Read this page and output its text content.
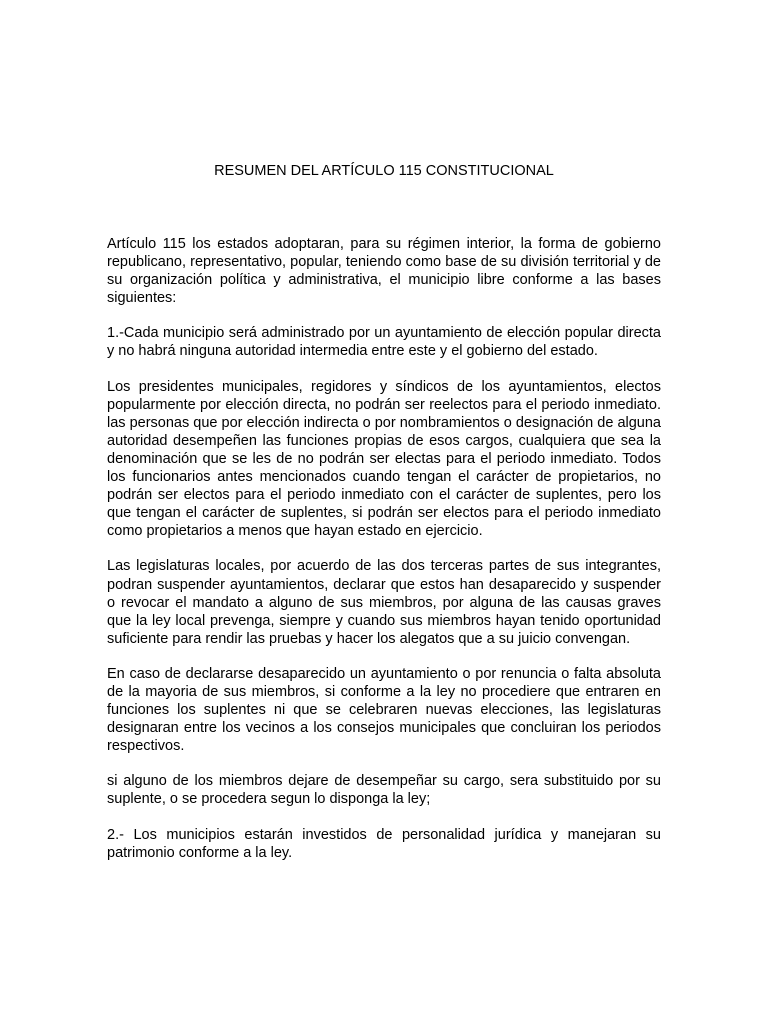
RESUMEN DEL ARTÍCULO 115 CONSTITUCIONAL

Artículo 115 los estados adoptaran, para su régimen interior, la forma de gobierno republicano, representativo, popular, teniendo como base de su división territorial y de su organización política y administrativa, el municipio libre conforme a las bases siguientes:

1.-Cada municipio será administrado por un ayuntamiento de elección popular directa y no habrá ninguna autoridad intermedia entre este y el gobierno del estado.

Los presidentes municipales, regidores y síndicos de los ayuntamientos, electos popularmente por elección directa, no podrán ser reelectos para el periodo inmediato. las personas que por elección indirecta o por nombramientos o designación de alguna autoridad desempeñen las funciones propias de esos cargos, cualquiera que sea la denominación que se les de no podrán ser electas para el periodo inmediato. Todos los funcionarios antes mencionados cuando tengan el carácter de propietarios, no podrán ser electos para el periodo inmediato con el carácter de suplentes, pero los que tengan el carácter de suplentes, si podrán ser electos para el periodo inmediato como propietarios a menos que hayan estado en ejercicio.

Las legislaturas locales, por acuerdo de las dos terceras partes de sus integrantes, podran suspender ayuntamientos, declarar que estos han desaparecido y suspender o revocar el mandato a alguno de sus miembros, por alguna de las causas graves que la ley local prevenga, siempre y cuando sus miembros hayan tenido oportunidad suficiente para rendir las pruebas y hacer los alegatos que a su juicio convengan.

En caso de declararse desaparecido un ayuntamiento o por renuncia o falta absoluta de la mayoria de sus miembros, si conforme a la ley no procediere que entraren en funciones los suplentes ni que se celebraren nuevas elecciones, las legislaturas designaran entre los vecinos a los consejos municipales que concluiran los periodos respectivos.

si alguno de los miembros dejare de desempeñar su cargo, sera substituido por su suplente, o se procedera segun lo disponga la ley;

2.- Los municipios estarán investidos de personalidad jurídica y manejaran su patrimonio conforme a la ley.
